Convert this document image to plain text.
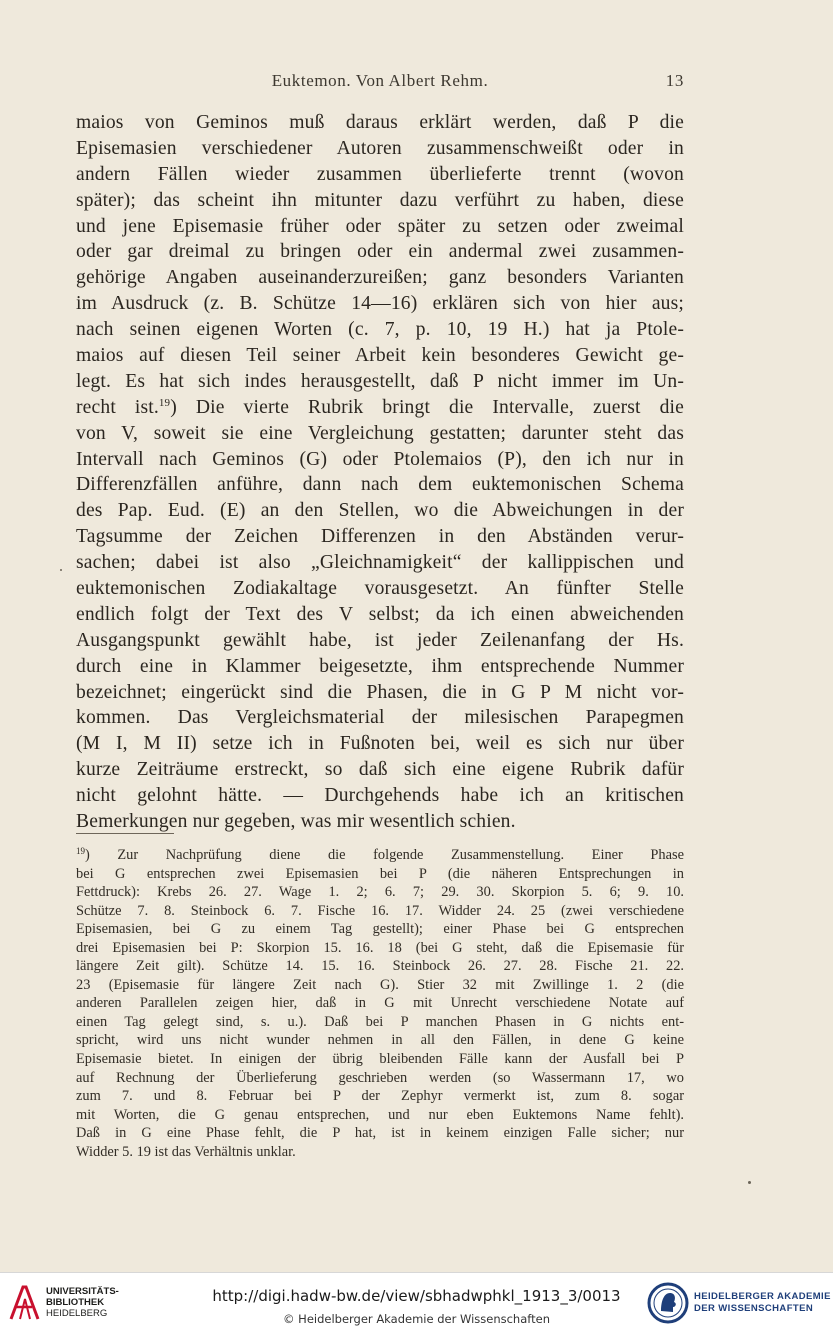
Euktemon. Von Albert Rehm.	13
maios von Geminos muß daraus erklärt werden, daß P die
Episemasien verschiedener Autoren zusammenschweißt oder in
andern Fällen wieder zusammen überlieferte trennt (wovon
später); das scheint ihn mitunter dazu verführt zu haben, diese
und jene Episemasie früher oder später zu setzen oder zweimal
oder gar dreimal zu bringen oder ein andermal zwei zusammen-
gehörige Angaben auseinanderzureißen; ganz besonders Varianten
im Ausdruck (z. B. Schütze 14—16) erklären sich von hier aus;
nach seinen eigenen Worten (c. 7, p. 10, 19 H.) hat ja Ptole-
maios auf diesen Teil seiner Arbeit kein besonderes Gewicht ge-
legt. Es hat sich indes herausgestellt, daß P nicht immer im Un-
recht ist.$^{19}$) Die vierte Rubrik bringt die Intervalle, zuerst die
von V, soweit sie eine Vergleichung gestatten; darunter steht das
Intervall nach Geminos (G) oder Ptolemaios (P), den ich nur in
Differenzfällen anführe, dann nach dem euktemonischen Schema
des Pap. Eud. (E) an den Stellen, wo die Abweichungen in der
Tagsumme der Zeichen Differenzen in den Abständen verur-
sachen; dabei ist also „Gleichnamigkeit“ der kallippischen und
euktemonischen Zodiakaltage vorausgesetzt. An fünfter Stelle
endlich folgt der Text des V selbst; da ich einen abweichenden
Ausgangspunkt gewählt habe, ist jeder Zeilenanfang der Hs.
durch eine in Klammer beigesetzte, ihm entsprechende Nummer
bezeichnet; eingerückt sind die Phasen, die in G P M nicht vor-
kommen. Das Vergleichsmaterial der milesischen Parapegmen
(M I, M II) setze ich in Fußnoten bei, weil es sich nur über
kurze Zeiträume erstreckt, so daß sich eine eigene Rubrik dafür
nicht gelohnt hätte. — Durchgehends habe ich an kritischen
Bemerkungen nur gegeben, was mir wesentlich schien.
$^{19}$) Zur Nachprüfung diene die folgende Zusammenstellung. Einer Phase
bei G entsprechen zwei Episemasien bei P (die näheren Entsprechungen in
Fettdruck): Krebs 26. 27. Wage 1. 2; 6. 7; 29. 30. Skorpion 5. 6; 9. 10.
Schütze 7. 8. Steinbock 6. 7. Fische 16. 17. Widder 24. 25 (zwei verschiedene
Episemasien, bei G zu einem Tag gestellt); einer Phase bei G entsprechen
drei Episemasien bei P: Skorpion 15. 16. 18 (bei G steht, daß die Episemasie für
längere Zeit gilt). Schütze 14. 15. 16. Steinbock 26. 27. 28. Fische 21. 22.
23 (Episemasie für längere Zeit nach G). Stier 32 mit Zwillinge 1. 2 (die
anderen Parallelen zeigen hier, daß in G mit Unrecht verschiedene Notate auf
einen Tag gelegt sind, s. u.). Daß bei P manchen Phasen in G nichts ent-
spricht, wird uns nicht wunder nehmen in all den Fällen, in dene G keine
Episemasie bietet. In einigen der übrig bleibenden Fälle kann der Ausfall bei P
auf Rechnung der Überlieferung geschrieben werden (so Wassermann 17, wo
zum 7. und 8. Februar bei P der Zephyr vermerkt ist, zum 8. sogar
mit Worten, die G genau entsprechen, und nur eben Euktemons Name fehlt).
Daß in G eine Phase fehlt, die P hat, ist in keinem einzigen Falle sicher; nur
Widder 5. 19 ist das Verhältnis unklar.
UNIVERSITÄTS-
BIBLIOTHEK
HEIDELBERG
http://digi.hadw-bw.de/view/sbhadwphkl_1913_3/0013
© Heidelberger Akademie der Wissenschaften
HEIDELBERGER AKADEMIE
DER WISSENSCHAFTEN
